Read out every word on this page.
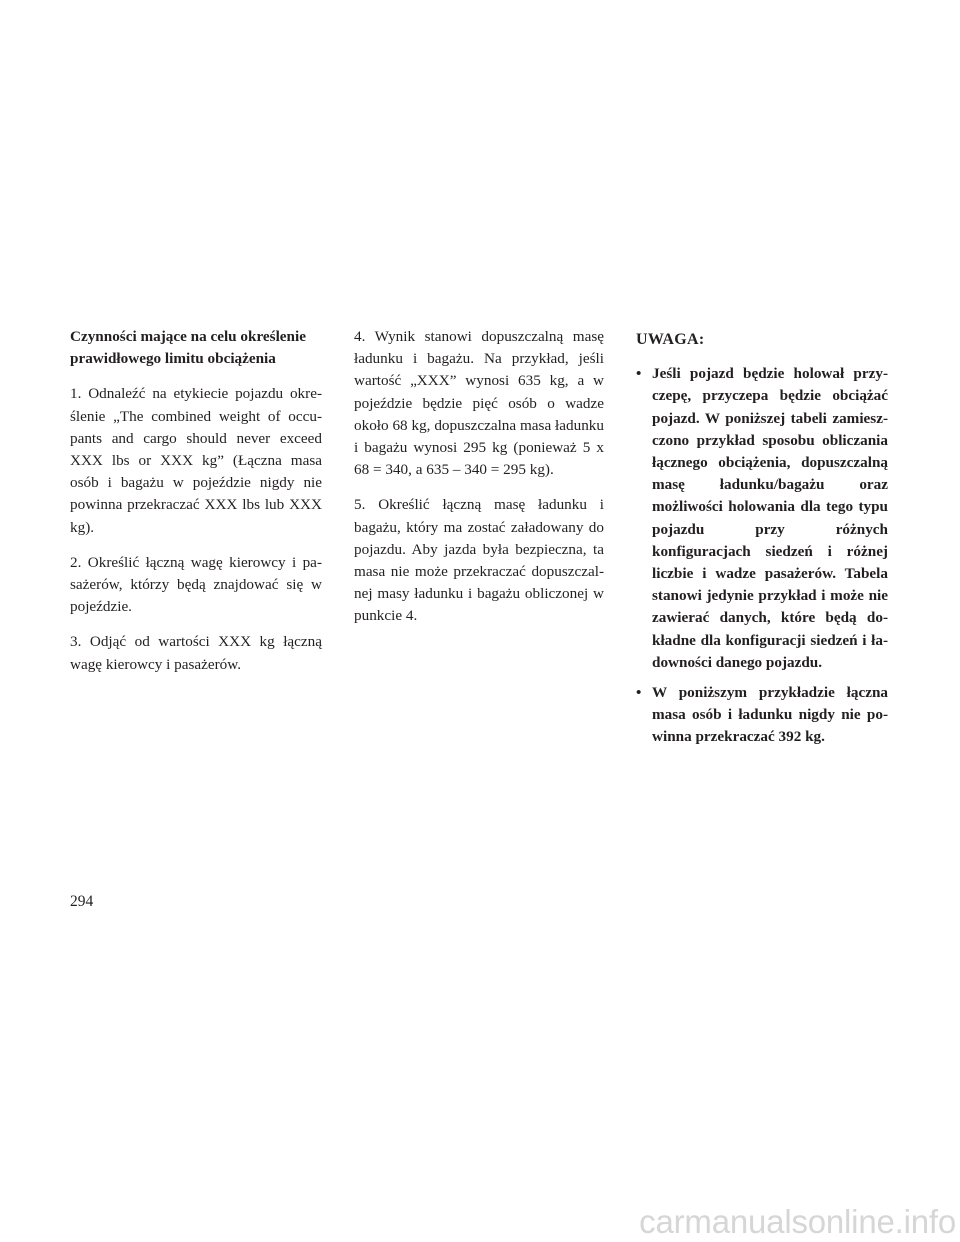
Czynności mające na celu określenie prawidłowego limitu obciążenia

1. Odnaleźć na etykiecie pojazdu określenie „The combined weight of occupants and cargo should never exceed XXX lbs or XXX kg” (Łączna masa osób i bagażu w pojeździe nigdy nie powinna przekraczać XXX lbs lub XXX kg).

2. Określić łączną wagę kierowcy i pasażerów, którzy będą znajdować się w pojeździe.

3. Odjąć od wartości XXX kg łączną wagę kierowcy i pasażerów.

4. Wynik stanowi dopuszczalną masę ładunku i bagażu. Na przykład, jeśli wartość „XXX” wynosi 635 kg, a w pojeździe będzie pięć osób o wadze około 68 kg, dopuszczalna masa ładunku i bagażu wynosi 295 kg (ponieważ 5 x 68 = 340, a 635 – 340 = 295 kg).

5. Określić łączną masę ładunku i bagażu, który ma zostać załadowany do pojazdu. Aby jazda była bezpieczna, ta masa nie może przekraczać dopuszczalnej masy ładunku i bagażu obliczonej w punkcie 4.

UWAGA:
• Jeśli pojazd będzie holował przyczepę, przyczepa będzie obciążać pojazd. W poniższej tabeli zamieszczono przykład sposobu obliczania łącznego obciążenia, dopuszczalną masę ładunku/bagażu oraz możliwości holowania dla tego typu pojazdu przy różnych konfiguracjach siedzeń i różnej liczbie i wadze pasażerów. Tabela stanowi jedynie przykład i może nie zawierać danych, które będą dokładne dla konfiguracji siedzeń i ładowności danego pojazdu.
• W poniższym przykładzie łączna masa osób i ładunku nigdy nie powinna przekraczać 392 kg.
294
carmanualsonline.info
